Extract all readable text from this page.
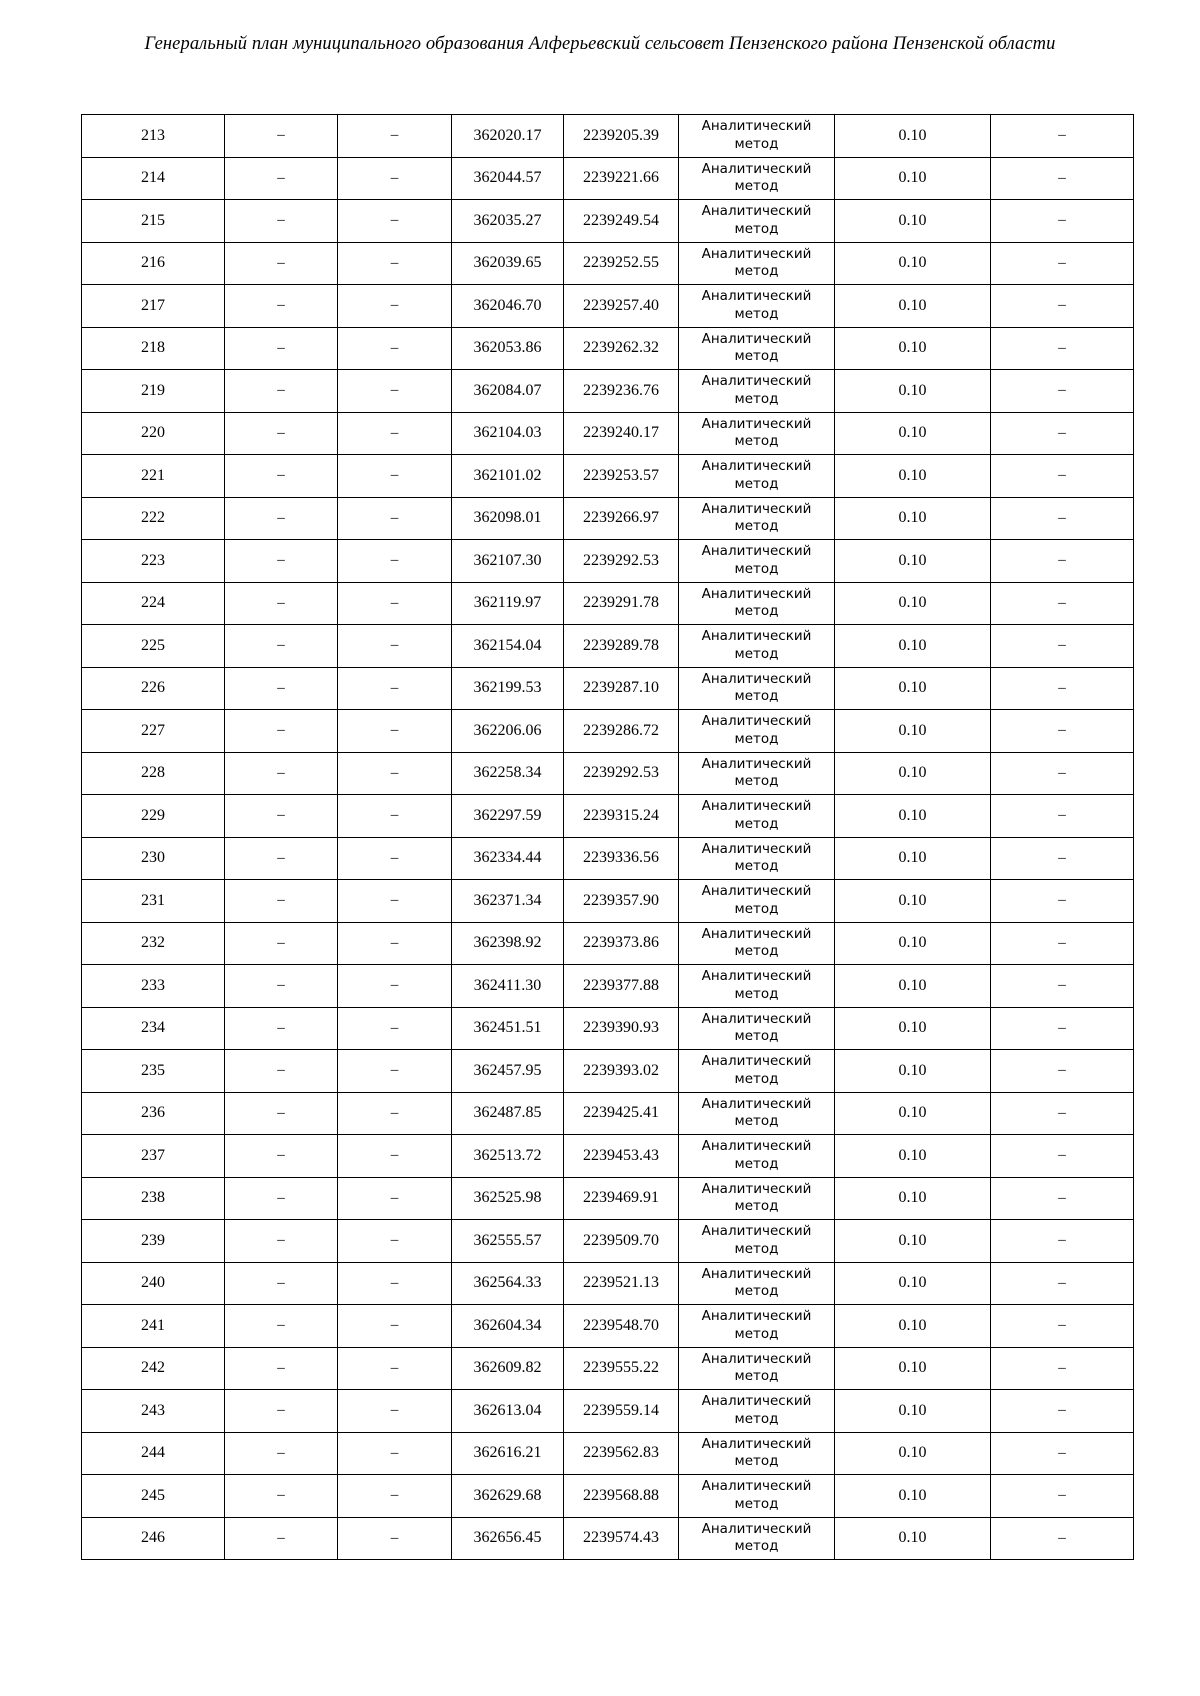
Генеральный план муниципального образования Алферьевский сельсовет Пензенского района Пензенской области
213	–	–	362020.17	2239205.39	Аналитический
метод	0.10	–
214	–	–	362044.57	2239221.66	Аналитический
метод	0.10	–
215	–	–	362035.27	2239249.54	Аналитический
метод	0.10	–
216	–	–	362039.65	2239252.55	Аналитический
метод	0.10	–
217	–	–	362046.70	2239257.40	Аналитический
метод	0.10	–
218	–	–	362053.86	2239262.32	Аналитический
метод	0.10	–
219	–	–	362084.07	2239236.76	Аналитический
метод	0.10	–
220	–	–	362104.03	2239240.17	Аналитический
метод	0.10	–
221	–	–	362101.02	2239253.57	Аналитический
метод	0.10	–
222	–	–	362098.01	2239266.97	Аналитический
метод	0.10	–
223	–	–	362107.30	2239292.53	Аналитический
метод	0.10	–
224	–	–	362119.97	2239291.78	Аналитический
метод	0.10	–
225	–	–	362154.04	2239289.78	Аналитический
метод	0.10	–
226	–	–	362199.53	2239287.10	Аналитический
метод	0.10	–
227	–	–	362206.06	2239286.72	Аналитический
метод	0.10	–
228	–	–	362258.34	2239292.53	Аналитический
метод	0.10	–
229	–	–	362297.59	2239315.24	Аналитический
метод	0.10	–
230	–	–	362334.44	2239336.56	Аналитический
метод	0.10	–
231	–	–	362371.34	2239357.90	Аналитический
метод	0.10	–
232	–	–	362398.92	2239373.86	Аналитический
метод	0.10	–
233	–	–	362411.30	2239377.88	Аналитический
метод	0.10	–
234	–	–	362451.51	2239390.93	Аналитический
метод	0.10	–
235	–	–	362457.95	2239393.02	Аналитический
метод	0.10	–
236	–	–	362487.85	2239425.41	Аналитический
метод	0.10	–
237	–	–	362513.72	2239453.43	Аналитический
метод	0.10	–
238	–	–	362525.98	2239469.91	Аналитический
метод	0.10	–
239	–	–	362555.57	2239509.70	Аналитический
метод	0.10	–
240	–	–	362564.33	2239521.13	Аналитический
метод	0.10	–
241	–	–	362604.34	2239548.70	Аналитический
метод	0.10	–
242	–	–	362609.82	2239555.22	Аналитический
метод	0.10	–
243	–	–	362613.04	2239559.14	Аналитический
метод	0.10	–
244	–	–	362616.21	2239562.83	Аналитический
метод	0.10	–
245	–	–	362629.68	2239568.88	Аналитический
метод	0.10	–
246	–	–	362656.45	2239574.43	Аналитический
метод	0.10	–
